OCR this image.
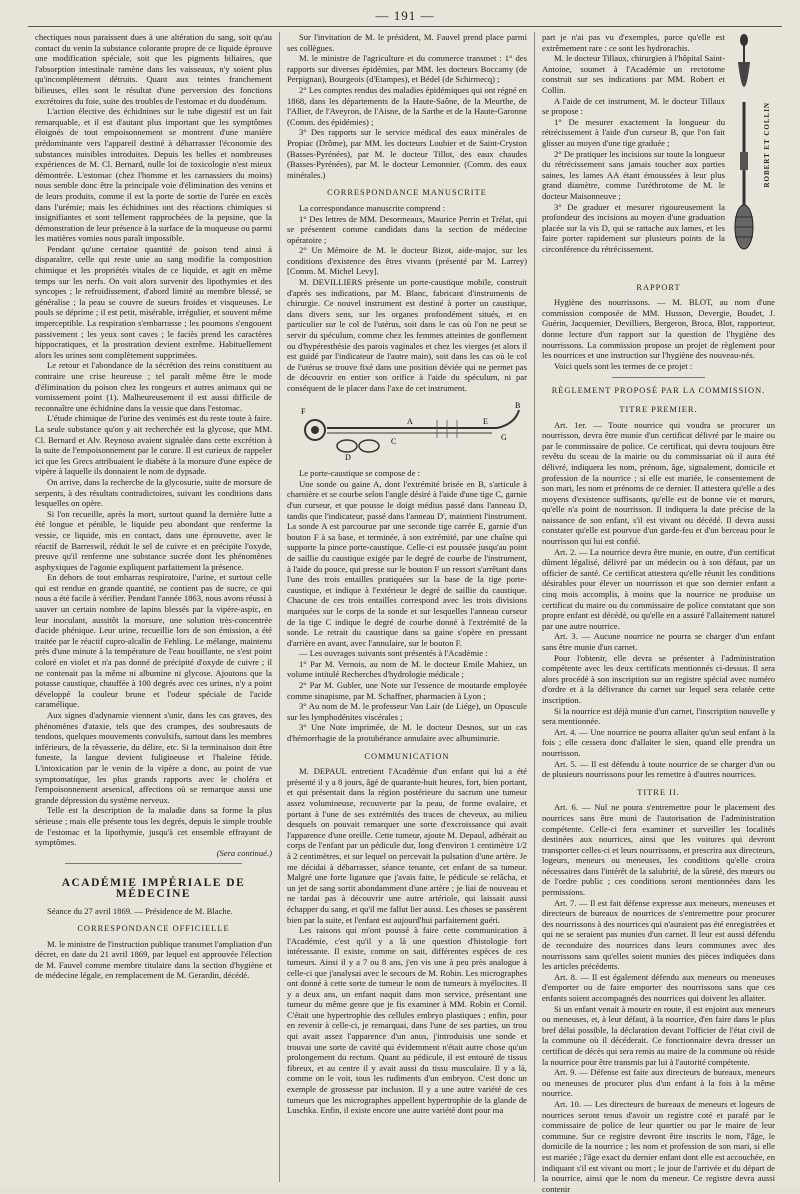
— 191 —

chectiques nous paraissent dues à une altération du sang, soit qu'au contact du venin la substance colorante propre de ce liquide éprouve une modification spéciale, soit que les pigments biliaires, que l'absorption intestinale ramène dans les vaisseaux, n'y soient plus qu'incomplètement détruits. Quant aux teintes franchement bilieuses, elles sont le résultat d'une perversion des fonctions excrétoires du foie, suite des troubles de l'estomac et du duodénum.

L'action élective des échidnines sur le tube digestif est un fait remarquable, et il est d'autant plus important que les symptômes éloignés de tout empoisonnement se montrent d'une manière prédominante vers l'appareil destiné à débarrasser l'économie des substances nuisibles introduites. Depuis les belles et nombreuses expériences de M. Cl. Bernard, nulle loi de toxicologie n'est mieux démontrée. L'estomac (chez l'homme et les carnassiers du moins) nous semble donc être la principale voie d'élimination des venins et de leurs produits, comme il est la porte de sortie de l'urée en excès dans l'urémie; mais les échidnines ont des réactions chimiques si insignifiantes et sont tellement rapprochées de la pepsine, que la démonstration de leur présence à la surface de la muqueuse ou parmi les matières vomies nous paraît impossible.

Pendant qu'une certaine quantité de poison tend ainsi à disparaître, celle qui reste unie au sang modifie la composition chimique et les propriétés vitales de ce liquide, et agit en même temps sur les nerfs. On voit alors survenir des lipothymies et des syncopes ; le refroidissement, d'abord limité au membre blessé, se généralise ; la peau se couvre de sueurs froides et visqueuses. Le pouls se déprime ; il est petit, misérable, irrégulier, et souvent même imperceptible. La respiration s'embarrasse ; les poumons s'engouent passivement ; les yeux sont caves ; le faciès prend les caractères hippocratiques, et la prostration devient extrême. Habituellement alors les urines sont complètement supprimées.

Le retour et l'abondance de la sécrétion des reins constituent au contraire une crise heureuse ; tel paraît même être le mode d'élimination du poison chez les rongeurs et autres animaux qui ne vomissement point (1). Malheureusement il est aussi difficile de reconnaître une échidnine dans la vessie que dans l'estomac.

L'étude chimique de l'urine des venimés est du reste toute à faire. La seule substance qu'on y ait recherchée est la glycose, que MM. Cl. Bernard et Alv. Reynoso avaient signalée dans cette excrétion à la suite de l'empoisonnement par le curare. Il est curieux de rappeler ici que les Grecs attribuaient le diabète à la morsure d'une espèce de vipère à laquelle ils donnaient le nom de dypsade.

On arrive, dans la recherche de la glycosurie, suite de morsure de serpents, à des résultats contradictoires, suivant les conditions dans lesquelles on opère.

Si l'on recueille, après la mort, surtout quand la dernière lutte a été longue et pénible, le liquide peu abondant que renferme la vessie, ce liquide, mis en contact, dans une éprouvette, avec le réactif de Barreswil, réduit le sel de cuivre et en précipite l'oxyde, preuve qu'il renferme une substance sucrée dont les phénomènes asphyxiques de l'agonie expliquent parfaitement la présence.

En dehors de tout embarras respiratoire, l'urine, et surtout celle qui est rendue en grande quantité, ne contient pas de sucre, ce qui nous a été facile à vérifier. Pendant l'année 1863, nous avons réussi à sauver un certain nombre de lapins blessés par la vipère-aspic, en leur inoculant, aussitôt la morsure, une solution très-concentrée d'acide phénique. Leur urine, recueillie lors de son émission, a été traitée par le réactif cupro-alcalin de Fehling. Le mélange, maintenu près d'une minute à la température de l'eau bouillante, ne s'est point coloré en violet et n'a pas donné de précipité d'oxyde de cuivre ; il ne contenait pas la même ni albumine ni glycose. Ajoutons que la potasse caustique, chauffée à 100 degrés avec ces urines, n'y a point développé la couleur brune et l'odeur spéciale de l'acide caramélique.

Aux signes d'adynamie viennent s'unir, dans les cas graves, des phénomènes d'ataxie, tels que des crampes, des soubresauts de tendons, quelques mouvements convulsifs, surtout dans les membres inférieurs, de la rêvasserie, du délire, etc. Si la terminaison doit être funeste, la langue devient fuligineuse et l'haleine fétide. L'intoxication par le venin de la vipère a donc, au point de vue symptomatique, les plus grands rapports avec le choléra et l'empoisonnement arsenical, affections où se remarque aussi une grande dépression du système nerveux.

Telle est la description de la maladie dans sa forme la plus sérieuse ; mais elle présente tous les degrés, depuis le simple trouble de l'estomac et la lipothymie, jusqu'à cet ensemble effrayant de symptômes.

(Sera continué.)

ACADÉMIE IMPÉRIALE DE MÉDECINE

Séance du 27 avril 1869. — Présidence de M. Blache.

CORRESPONDANCE OFFICIELLE

M. le ministre de l'instruction publique transmet l'ampliation d'un décret, en date du 21 avril 1869, par lequel est approuvée l'élection de M. Fauvel comme membre titulaire dans la section d'hygiène et de médecine légale, en remplacement de M. Gerardin, décédé.

Sur l'invitation de M. le président, M. Fauvel prend place parmi ses collègues.

M. le ministre de l'agriculture et du commerce transmet : 1° des rapports sur diverses épidémies, par MM. les docteurs Boccamy (de Perpignan), Bourgeois (d'Etampes), et Bédel (de Schirmecq) ;

2° Les comptes rendus des maladies épidémiques qui ont régné en 1868, dans les départements de la Haute-Saône, de la Meurthe, de l'Allier, de l'Aveyron, de l'Aisne, de la Sarthe et de la Haute-Garonne (Comm. des épidémies) ;

3° Des rapports sur le service médical des eaux minérales de Propiac (Drôme), par MM. les docteurs Loubier et de Saint-Cryston (Basses-Pyrénées), par M. le docteur Tillot, des eaux chaudes (Basses-Pyrénées), par M. le docteur Lemonnier. (Comm. des eaux minérales.)

CORRESPONDANCE MANUSCRITE

La correspondance manuscrite comprend :

1° Des lettres de MM. Desormeaux, Maurice Perrin et Trélat, qui se présentent comme candidats dans la section de médecine opératoire ;

2° Un Mémoire de M. le docteur Bizot, aide-major, sur les conditions d'existence des êtres vivants (présenté par M. Larrey) [Comm. M. Michel Levy].

M. DEVILLIERS présente un porte-caustique mobile, construit d'après ses indications, par M. Blanc, fabricant d'instruments de chirurgie. Ce nouvel instrument est destiné à porter un caustique, dans divers sens, sur les organes profondément situés, et en particulier sur le col de l'utérus, soit dans le cas où l'on ne peut se servir du spéculum, comme chez les femmes atteintes de gonflement ou d'hypéresthésie des parois vaginales et chez les vierges (et alors il est guidé par l'indicateur de l'autre main), soit dans les cas où le col de l'utérus se trouve fixé dans une position déviée qui ne permet pas de découvrir en entier son orifice à l'aide du spéculum, ni par conséquent de le placer dans l'axe de cet instrument.

F
B
A	E
D
C	G

Le porte-caustique se compose de :

Une sonde ou gaine A, dont l'extrémité brisée en B, s'articule à charnière et se courbe selon l'angle désiré à l'aide d'une tige C, garnie d'un curseur, et que pousse le doigt médius passé dans l'anneau D, tandis que l'indicateur, passé dans l'anneau D', maintient l'instrument. La sonde A est parcourue par une seconde tige carrée E, garnie d'un bouton F à sa base, et terminée, à son extrémité, par une chaîne qui supporte la pince porte-caustique. Celle-ci est poussée jusqu'au point de saillie du caustique exigée par le degré de courbe de l'instrument, à l'aide du pouce, qui presse sur le bouton F un ressort s'arrêtant dans l'une des trois entailles pratiquées sur la base de la tige porte-caustique, et indique à l'extérieur le degré de saillie du caustique. Chacune de ces trois entailles correspond avec les trois divisions marquées sur le corps de la sonde et sur lesquelles l'anneau curseur de la tige C indique le degré de courbe donné à l'extrémité de la sonde. Le retrait du caustique dans sa gaine s'opère en pressant d'arrière en avant, avec l'annulaire, sur le bouton F.

— Les ouvrages suivants sont présentés à l'Académie :

1° Par M. Vernois, au nom de M. le docteur Emile Mahiez, un volume intitulé Recherches d'hydrologie médicale ;

2° Par M. Gubler, une Note sur l'essence de moutarde employée comme sinapisme, par M. Schaffner, pharmacien à Lyon ;

3° Au nom de M. le professeur Van Lair (de Liége), un Opuscule sur les lymphodénites viscérales ;

3° Une Note imprimée, de M. le docteur Desnos, sur un cas d'hémorrhagie de la protubérance annulaire avec albuminurie.

COMMUNICATION

M. DEPAUL entretient l'Académie d'un enfant qui lui a été présenté il y a 8 jours, âgé de quarante-huit heures, fort, bien portant, et qui présentait dans la région postérieure du sacrum une tumeur assez volumineuse, recouverte par la peau, de forme ovalaire, et portant à l'une de ses extrémités des traces de cheveux, au milieu desquels on pouvait remarquer une sorte d'excroissance qui avait l'apparence d'une oreille. Cette tumeur, ajoute M. Depaul, adhérait au corps de l'enfant par un pédicule dur, long d'environ 1 centimètre 1/2 à 2 centimètres, et sur lequel on percevait la pulsation d'une artère. Je me décidai à débarrasser, séance tenante, cet enfant de sa tumeur. Malgré une forte ligature que j'avais faite, le pédicule se relâcha, et un jet de sang sortit abondamment d'une artère ; je liai de nouveau et ne tardai pas à découvrir une autre artériole, qui laissait aussi échapper du sang, et qu'il me fallut lier aussi. Les choses se passèrent bien par la suite, et l'enfant est aujourd'hui parfaitement guéri.

Les raisons qui m'ont poussé à faire cette communication à l'Académie, c'est qu'il y a là une question d'histologie fort intéressante. Il existe, comme on sait, différentes espèces de ces tumeurs. Ainsi il y a 7 ou 8 ans, j'en vis une à peu près analogue à celle-ci que j'analysai avec le secours de M. Robin. Les micrographes ont donné à cette sorte de tumeur le nom de tumeurs à myélocites. Il y a deux ans, un enfant naquit dans mon service, présentant une tumeur du même genre que je fis examiner à MM. Robin et Cornil. C'était une hypertrophie des cellules embryo plastiques ; enfin, pour en revenir à celle-ci, je remarquai, dans l'une de ses parties, un trou qui avait assez l'apparence d'un anus, j'introduisis une sonde et trouvai une sorte de cavité qui évidemment n'était autre chose qu'un prolongement du rectum. Quant au pédicule, il est entouré de tissus fibreux, et au centre il y avait aussi du tissu musculaire. Il y a là, comme on le voit, tous les rudiments d'un embryon. C'est donc un exemple de grossesse par inclusion. Il y a une autre variété de ces tumeurs que les micrographes appellent hypertrophie de la glande de Luschka. Enfin, il existe encore une autre variété dont pour ma

part je n'ai pas vu d'exemples, parce qu'elle est extrêmement rare : ce sont les hydrorachis.

M. le docteur Tillaux, chirurgien à l'hôpital Saint-Antoine, soumet à l'Académie un rectotome construit sur ses indications par MM. Robert et Collin.

A l'aide de cet instrument, M. le docteur Tillaux se propose :

1° De mesurer exactement la longueur du rétrécissement à l'aide d'un curseur B, que l'on fait glisser au moyen d'une tige graduée ;

2° De pratiquer les incisions sur toute la longueur du rétrécissement sans jamais toucher aux parties saines, les lames AA étant émoussées à leur plus grand diamètre, comme l'uréthrotome de M. le docteur Maisonneuve ;

3° De graduer et mesurer rigoureusement la profondeur des incisions au moyen d'une graduation placée sur la vis D, qui se rattache aux lames, et les faire porter rapidement sur plusieurs points de la circonférence du rétrécissement.

ROBERT ET COLLIN
RAPPORT

Hygiène des nourrissons. — M. BLOT, au nom d'une commission composée de MM. Husson, Devergie, Boudet, J. Guérin, Jacquemier, Devilliers, Bergeron, Broca, Blot, rapporteur, donne lecture d'un rapport sur la question de l'hygiène des nourrissons. La commission propose un projet de règlement pour les nourrices et une instruction sur l'hygiène des nouveau-nés.

Voici quels sont les termes de ce projet :

RÈGLEMENT PROPOSÉ PAR LA COMMISSION.
TITRE PREMIER.

Art. 1er. — Toute nourrice qui voudra se procurer un nourrisson, devra être munie d'un certificat délivré par le maire ou par le commissaire de police. Ce certificat, qui devra toujours être revêtu du sceau de la mairie ou du commissariat où il aura été délivré, indiquera les nom, prénom, âge, signalement, domicile et profession de la nourrice ; si elle est mariée, le consentement de son mari, les nom et prénoms de ce dernier. Il attestera qu'elle a des moyens d'existence suffisants, qu'elle est de bonne vie et mœurs, qu'elle n'a point de nourrisson. Il indiquera la date précise de la naissance de son enfant, s'il est vivant ou décédé. Il devra aussi constater qu'elle est pourvue d'un garde-feu et d'un berceau pour le nourrisson qui lui est confié.

Art. 2. — La nourrice devra être munie, en outre, d'un certificat dûment légalisé, délivré par un médecin ou à son défaut, par un officier de santé. Ce certificat attestera qu'elle réunit les conditions désirables pour élever un nourrisson et que son dernier enfant a cinq mois accomplis, à moins que la nourrice ne produise un certificat du maire ou du commissaire de police constatant que son propre enfant est décédé, ou qu'elle en a assuré l'allaitement naturel par une autre nourrice.

Art. 3. — Aucune nourrice ne pourra se charger d'un enfant sans être munie d'un carnet.

Pour l'obtenir, elle devra se présenter à l'administration compétente avec les deux certificats mentionnés ci-dessus. Il sera alors procédé à son inscription sur un registre spécial avec numéro d'ordre et à la délivrance du carnet sur lequel sera relatée cette inscription.

Si la nourrice est déjà munie d'un carnet, l'inscription nouvelle y sera mentionnée.

Art. 4. — Une nourrice ne pourra allaiter qu'un seul enfant à la fois ; elle cessera donc d'allaiter le sien, quand elle prendra un nourrisson.

Art. 5. — Il est défendu à toute nourrice de se charger d'un ou de plusieurs nourrissons pour les remettre à d'autres nourrices.

TITRE II.

Art. 6. — Nul ne poura s'entremettre pour le placement des nourrices sans être muni de l'autorisation de l'administration compétente. Celle-ci fera examiner et surveiller les localités destinées aux nourrices, ainsi que les voitures qui devront transporter celles-ci et leurs nourrissons, et prescrira aux directeurs, logeurs, meneurs ou meneuses, les conditions qu'elle croira nécessaires dans l'intérêt de la salubrité, de la sûreté, des mœurs ou de l'ordre public ; ces conditions seront mentionnées dans les permissions.

Art. 7. — Il est fait défense expresse aux meneurs, meneuses et directeurs de bureaux de nourrices de s'entremettre pour procurer des nourrissons à des nourrices qui n'auraient pas été enregistrées et qui ne se seraient pas munies d'un carnet. Il leur est aussi défendu de reconduire des nourrices dans leurs communes avec des nourrissons sans qu'elles soient munies des pièces indiquées dans les articles précédents.

Art. 8. — Il est également défendu aux meneurs ou meneuses d'emporter ou de faire emporter des nourrissons sans que ces enfants soient accompagnés des nourrices qui doivent les allaiter.

Si un enfant venait à mourir en route, il est enjoint aux meneurs ou meneuses, et, à leur défaut, à la nourrice, d'en faire dans le plus bref délai possible, la déclaration devant l'officier de l'état civil de la commune où il décéderait. Ce fonctionnaire devra dresser un certificat de décès qui sera remis au maire de la commune où réside la nourrice pour être transmis par lui à l'autorité compétente.

Art. 9. — Défense est faite aux directeurs de bureaux, meneurs ou meneuses de procurer plus d'un enfant à la fois à la même nourrice.

Art. 10. — Les directeurs de bureaux de meneurs et logeurs de nourrices seront tenus d'avoir un registre coté et parafé par le commissaire de police de leur quartier ou par le maire de leur commune. Sur ce registre devront être inscrits le nom, l'âge, le domicile de la nourrice ; les nom et profession de son mari, si elle est mariée ; l'âge exact du dernier enfant dont elle est accouchée, en indiquant s'il est vivant ou mort ; le jour de l'arrivée et du départ de la nourrice, ainsi que le nom du meneur. Ce registre devra aussi contenir
